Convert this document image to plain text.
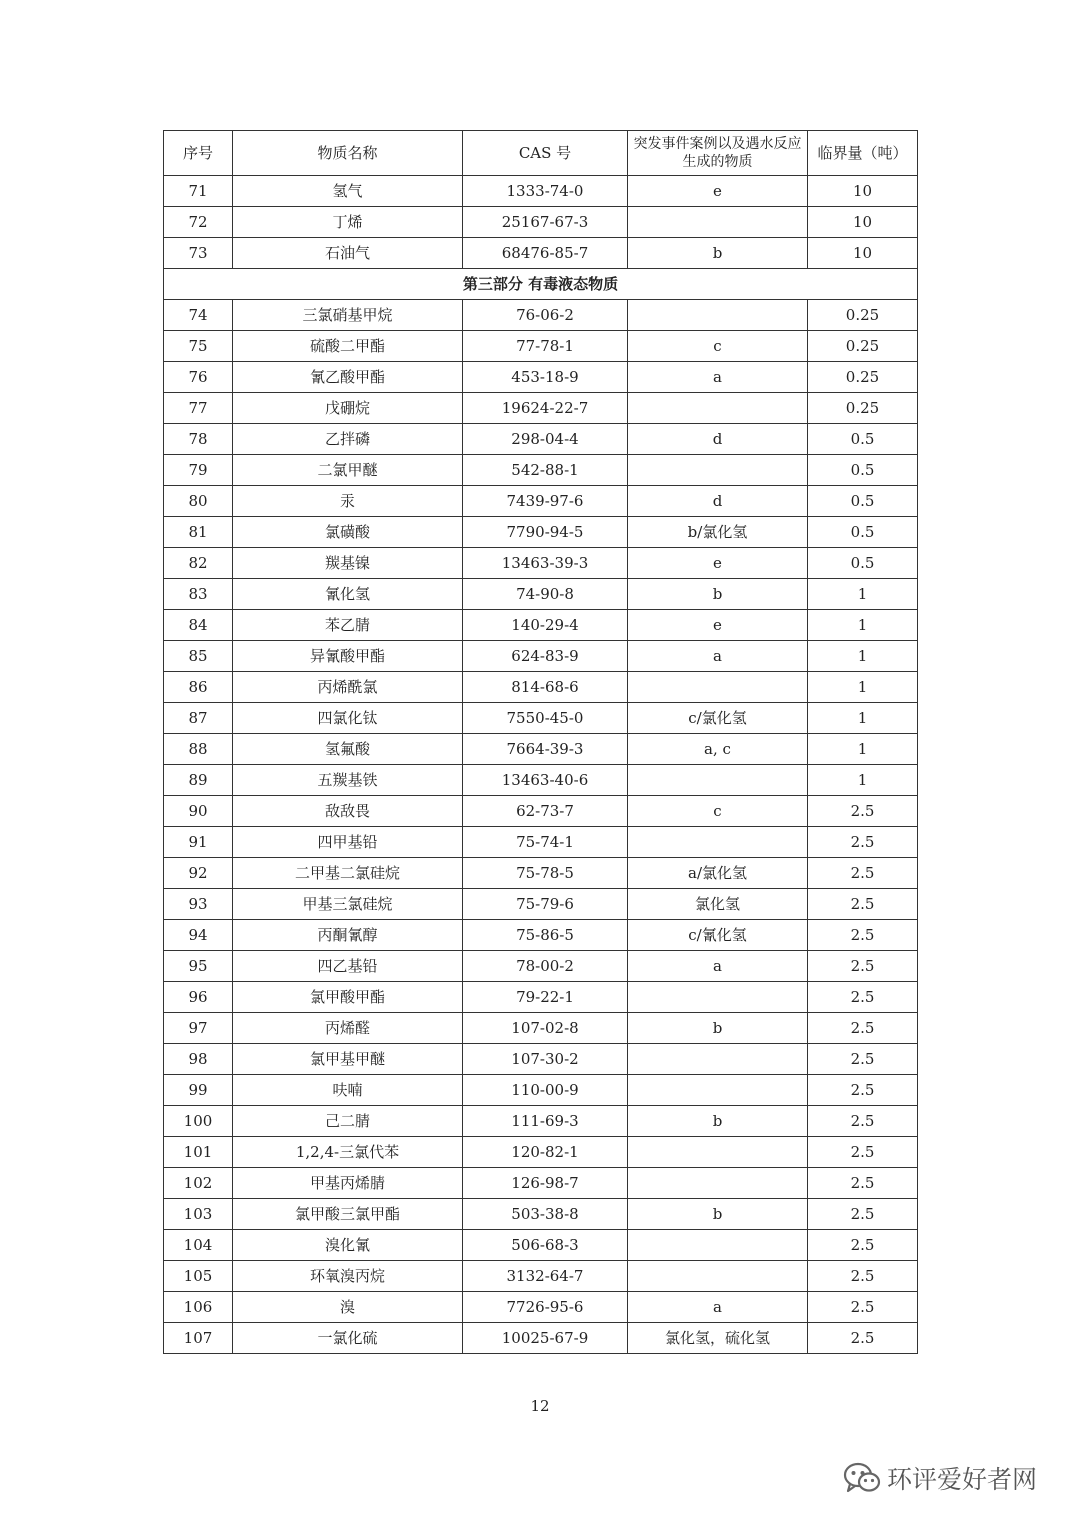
序号	物质名称	CAS 号	突发事件案例以及遇水反应生成的物质	临界量（吨）
71	氢气	1333-74-0	e	10
72	丁烯	25167-67-3		10
73	石油气	68476-85-7	b	10
第三部分 有毒液态物质				
74	三氯硝基甲烷	76-06-2		0.25
75	硫酸二甲酯	77-78-1	c	0.25
76	氰乙酸甲酯	453-18-9	a	0.25
77	戊硼烷	19624-22-7		0.25
78	乙拌磷	298-04-4	d	0.5
79	二氯甲醚	542-88-1		0.5
80	汞	7439-97-6	d	0.5
81	氯磺酸	7790-94-5	b/氯化氢	0.5
82	羰基镍	13463-39-3	e	0.5
83	氰化氢	74-90-8	b	1
84	苯乙腈	140-29-4	e	1
85	异氰酸甲酯	624-83-9	a	1
86	丙烯酰氯	814-68-6		1
87	四氯化钛	7550-45-0	c/氯化氢	1
88	氢氟酸	7664-39-3	a, c	1
89	五羰基铁	13463-40-6		1
90	敌敌畏	62-73-7	c	2.5
91	四甲基铅	75-74-1		2.5
92	二甲基二氯硅烷	75-78-5	a/氯化氢	2.5
93	甲基三氯硅烷	75-79-6	氯化氢	2.5
94	丙酮氰醇	75-86-5	c/氰化氢	2.5
95	四乙基铅	78-00-2	a	2.5
96	氯甲酸甲酯	79-22-1		2.5
97	丙烯醛	107-02-8	b	2.5
98	氯甲基甲醚	107-30-2		2.5
99	呋喃	110-00-9		2.5
100	己二腈	111-69-3	b	2.5
101	1,2,4-三氯代苯	120-82-1		2.5
102	甲基丙烯腈	126-98-7		2.5
103	氯甲酸三氯甲酯	503-38-8	b	2.5
104	溴化氰	506-68-3		2.5
105	环氧溴丙烷	3132-64-7		2.5
106	溴	7726-95-6	a	2.5
107	一氯化硫	10025-67-9	氯化氢，硫化氢	2.5
12
环评爱好者网
